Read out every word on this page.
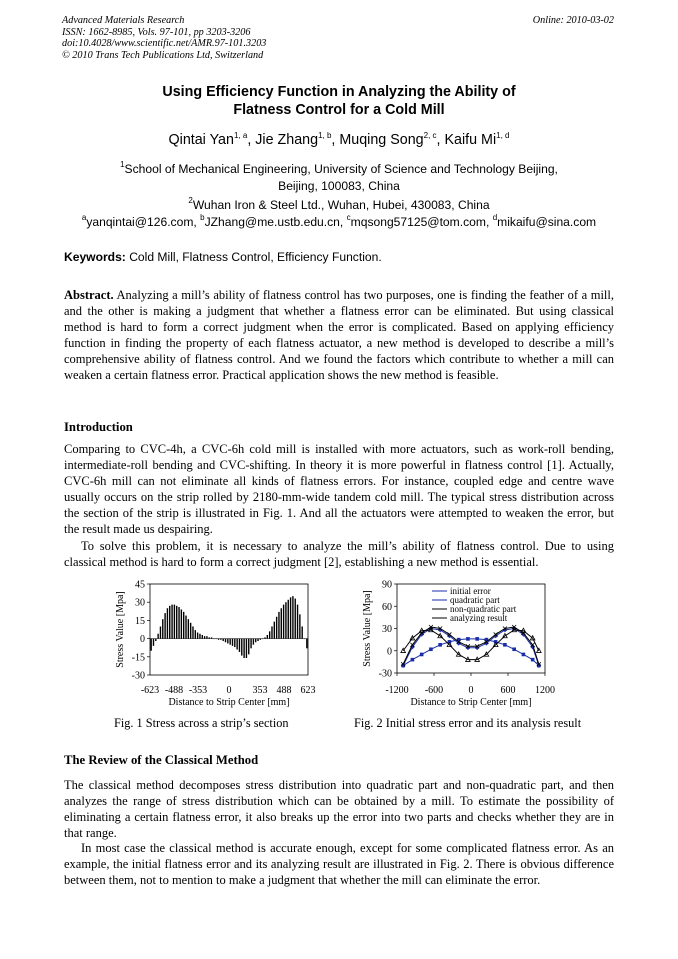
Advanced Materials Research
ISSN: 1662-8985, Vols. 97-101, pp 3203-3206
doi:10.4028/www.scientific.net/AMR.97-101.3203
© 2010 Trans Tech Publications Ltd, Switzerland
Online: 2010-03-02
Using Efficiency Function in Analyzing the Ability of
Flatness Control for a Cold Mill
Qintai Yan$^{1, a}$, Jie Zhang$^{1, b}$, Muqing Song$^{2, c}$, Kaifu Mi$^{1, d}$
$^1$School of Mechanical Engineering, University of Science and Technology Beijing,
Beijing, 100083, China
$^2$Wuhan Iron & Steel Ltd., Wuhan, Hubei, 430083, China
$^a$yanqintai@126.com, $^b$JZhang@me.ustb.edu.cn, $^c$mqsong57125@tom.com, $^d$mikaifu@sina.com
Keywords: Cold Mill, Flatness Control, Efficiency Function.
Abstract. Analyzing a mill’s ability of flatness control has two purposes, one is finding the feather of a mill, and the other is making a judgment that whether a flatness error can be eliminated. But using classical method is hard to form a correct judgment when the error is complicated. Based on applying efficiency function in finding the property of each flatness actuator, a new method is developed to describe a mill’s comprehensive ability of flatness control. And we found the factors which contribute to whether a mill can weaken a certain flatness error. Practical application shows the new method is feasible.
Introduction
Comparing to CVC-4h, a CVC-6h cold mill is installed with more actuators, such as work-roll bending, intermediate-roll bending and CVC-shifting. In theory it is more powerful in flatness control [1]. Actually, CVC-6h mill can not eliminate all kinds of flatness errors. For instance, coupled edge and centre wave usually occurs on the strip rolled by 2180-mm-wide tandem cold mill. The typical stress distribution across the section of the strip is illustrated in Fig. 1. And all the actuators were attempted to weaken the error, but the result made us despairing.
To solve this problem, it is necessary to analyze the mill’s ability of flatness control. Due to using classical method is hard to form a correct judgment [2], establishing a new method is essential.
45
30
15
0
-15
-30
-623 -488 -353 0 353 488 623
Distance to Strip Center [mm]
Stress Value [Mpa]
Fig. 1 Stress across a strip’s section
90
60
30
0
-30
-1200 -600	0	600 1200
initial error
quadratic part
non-quadratic part
analyzing result
Distance to Strip Center [mm]
Stress Value [Mpa]
Fig. 2 Initial stress error and its analysis result
The Review of the Classical Method
The classical method decomposes stress distribution into quadratic part and non-quadratic part, and then analyzes the range of stress distribution which can be obtained by a mill. To estimate the possibility of eliminating a certain flatness error, it also breaks up the error into two parts and checks whether they are in that range.
In most case the classical method is accurate enough, except for some complicated flatness error. As an example, the initial flatness error and its analyzing result are illustrated in Fig. 2. There is obvious difference between them, not to mention to make a judgment that whether the mill can eliminate the error.
